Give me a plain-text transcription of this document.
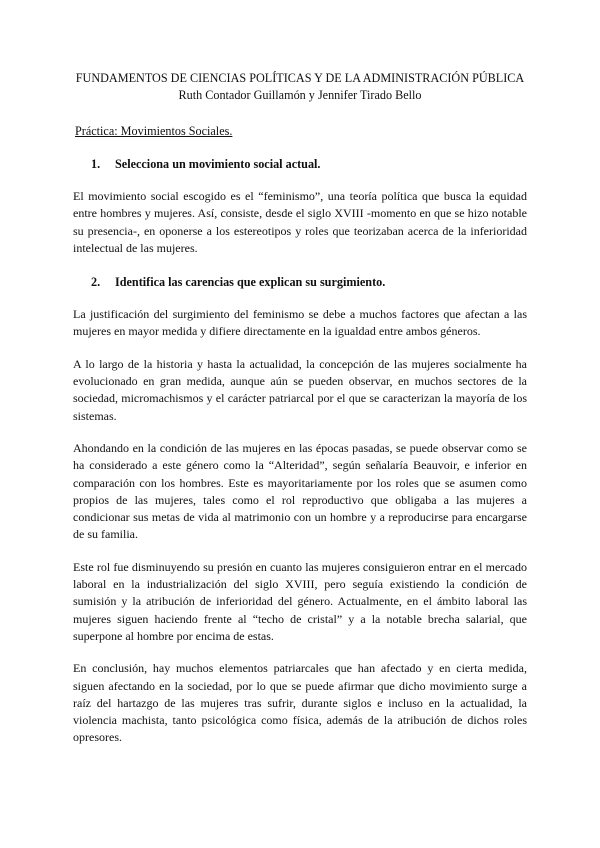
FUNDAMENTOS DE CIENCIAS POLÍTICAS Y DE LA ADMINISTRACIÓN PÚBLICA
Ruth Contador Guillamón y Jennifer Tirado Bello
Práctica: Movimientos Sociales.
1.	Selecciona un movimiento social actual.

El movimiento social escogido es el “feminismo”, una teoría política que busca la equidad entre hombres y mujeres. Así, consiste, desde el siglo XVIII -momento en que se hizo notable su presencia-, en oponerse a los estereotipos y roles que teorizaban acerca de la inferioridad intelectual de las mujeres.

2.	Identifica las carencias que explican su surgimiento.

La justificación del surgimiento del feminismo se debe a muchos factores que afectan a las mujeres en mayor medida y difiere directamente en la igualdad entre ambos géneros.

A lo largo de la historia y hasta la actualidad, la concepción de las mujeres socialmente ha evolucionado en gran medida, aunque aún se pueden observar, en muchos sectores de la sociedad, micromachismos y el carácter patriarcal por el que se caracterizan la mayoría de los sistemas.

Ahondando en la condición de las mujeres en las épocas pasadas, se puede observar como se ha considerado a este género como la “Alteridad”, según señalaría Beauvoir, e inferior en comparación con los hombres. Este es mayoritariamente por los roles que se asumen como propios de las mujeres, tales como el rol reproductivo que obligaba a las mujeres a condicionar sus metas de vida al matrimonio con un hombre y a reproducirse para encargarse de su familia.

Este rol fue disminuyendo su presión en cuanto las mujeres consiguieron entrar en el mercado laboral en la industrialización del siglo XVIII, pero seguía existiendo la condición de sumisión y la atribución de inferioridad del género. Actualmente, en el ámbito laboral las mujeres siguen haciendo frente al “techo de cristal” y a la notable brecha salarial, que superpone al hombre por encima de estas.

En conclusión, hay muchos elementos patriarcales que han afectado y en cierta medida, siguen afectando en la sociedad, por lo que se puede afirmar que dicho movimiento surge a raíz del hartazgo de las mujeres tras sufrir, durante siglos e incluso en la actualidad, la violencia machista, tanto psicológica como física, además de la atribución de dichos roles opresores.
